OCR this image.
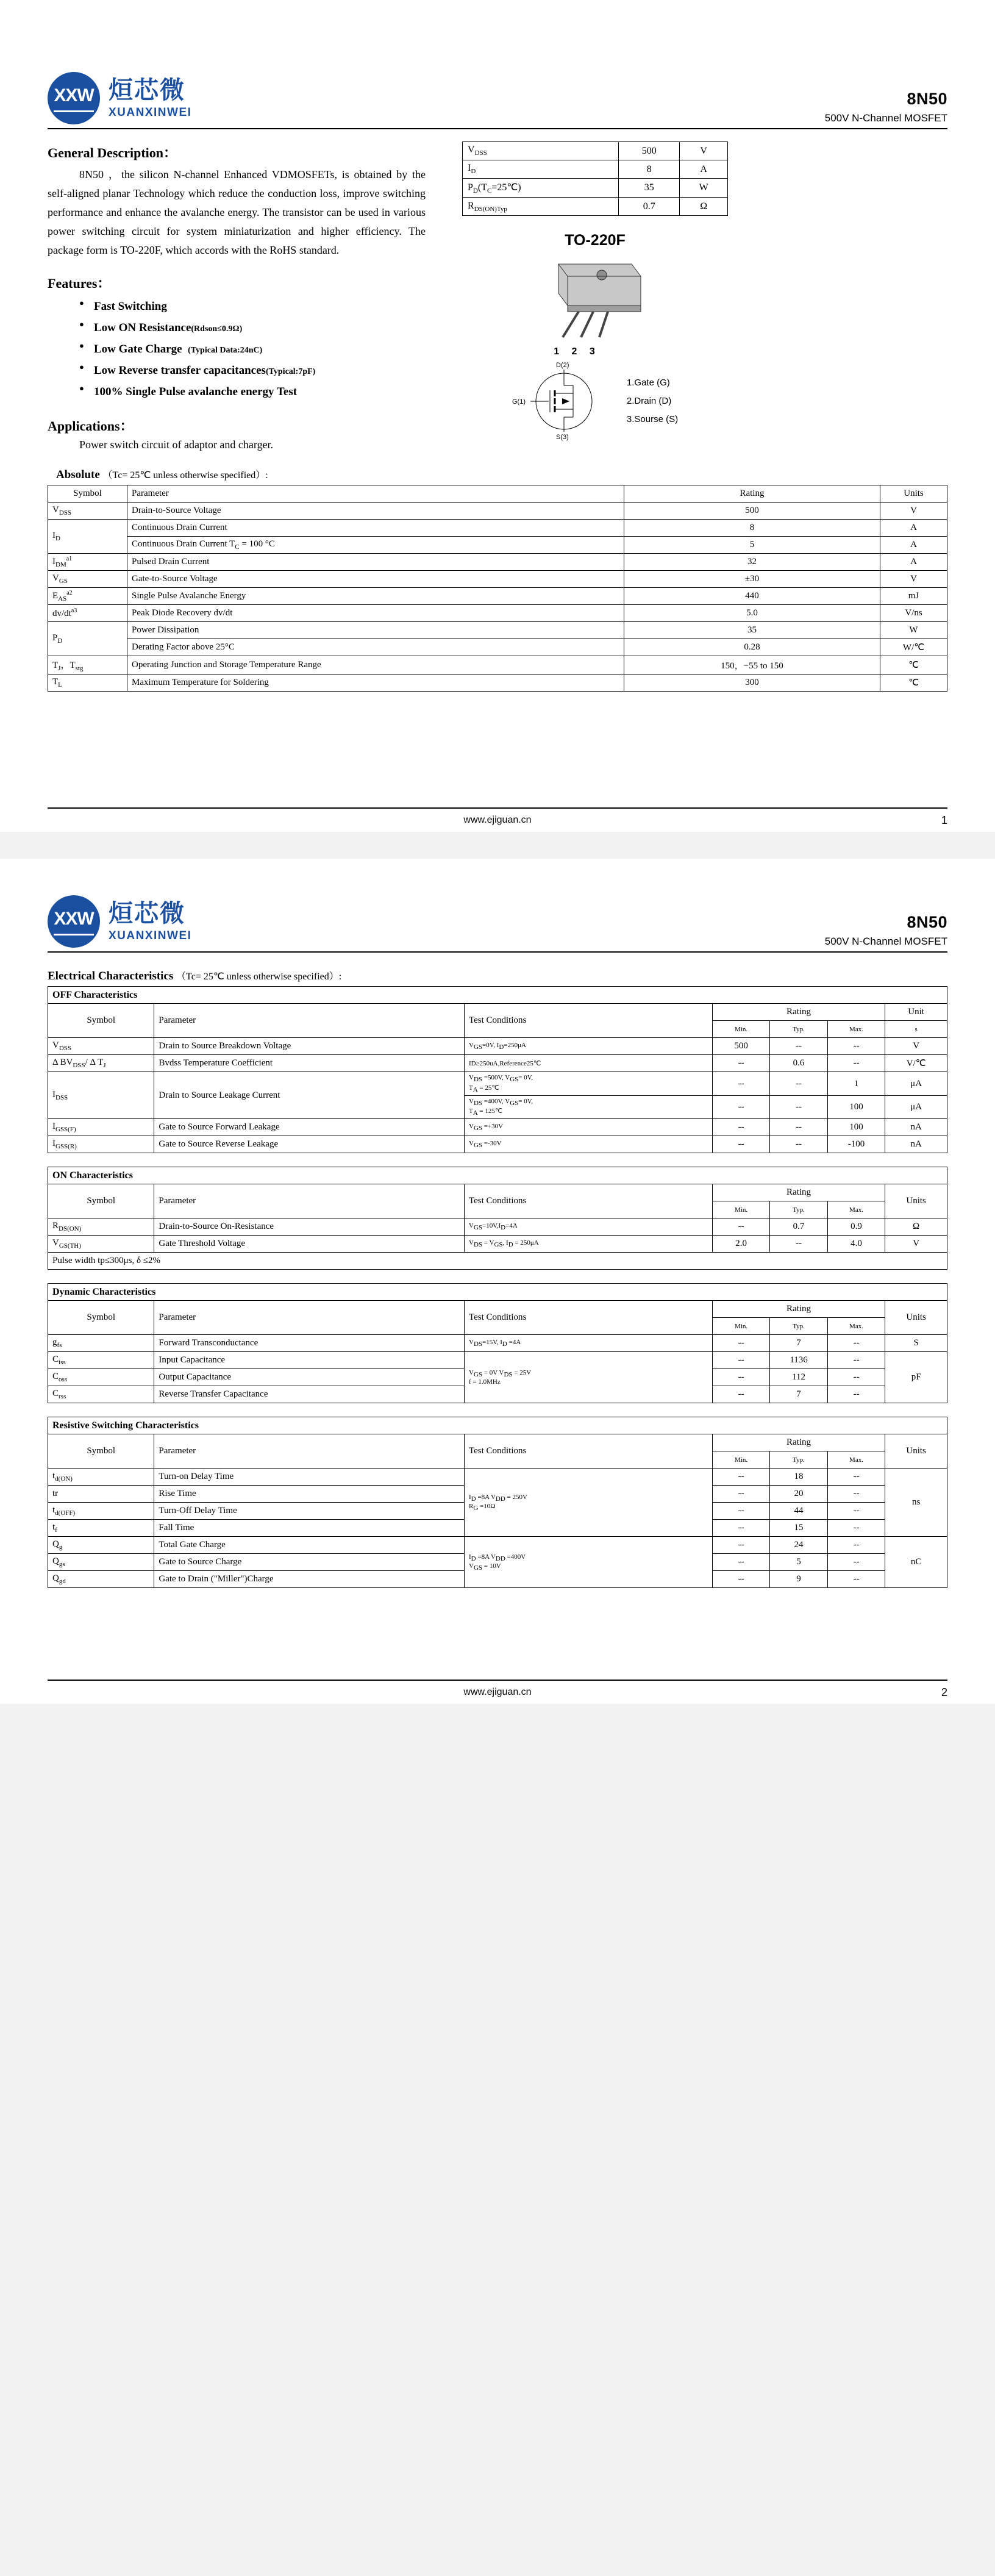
XXW 烜芯微
XUANXINWEI
8N50
500V N-Channel MOSFET
General Description：
8N50 ，the silicon N-channel Enhanced VDMOSFETs, is obtained by the self-aligned planar Technology which reduce the conduction loss, improve switching performance and enhance the avalanche energy. The transistor can be used in various power switching circuit for system miniaturization and higher efficiency. The package form is TO-220F, which accords with the RoHS standard.
Features：
● Fast Switching
● Low ON Resistance(Rdson≤0.9Ω)
● Low Gate Charge (Typical Data:24nC)
● Low Reverse transfer capacitances(Typical:7pF)
● 100% Single Pulse avalanche energy Test
Applications：
Power switch circuit of adaptor and charger.
$V_{DSS}$	500	V
$I_D$	8	A
$P_D(T_C=25℃)$	35	W
$R_{DS(ON)Typ}$	0.7	Ω
TO-220F
1 2 3
D(2)
G(1)
S(3)
1.Gate (G)
2.Drain (D)
3.Sourse (S)
Absolute （Tc= 25℃ unless otherwise specified）:
Symbol	Parameter	Rating	Units
$V_{DSS}$	Drain-to-Source Voltage	500	V
$I_D$	Continuous Drain Current	8	A
	Continuous Drain Current $T_C = 100$ °C	5	A
$I_{DM}^{a1}$	Pulsed Drain Current	32	A
$V_{GS}$	Gate-to-Source Voltage	±30	V
$E_{AS}^{a2}$	Single Pulse Avalanche Energy	440	mJ
$dv/dt^{a3}$	Peak Diode Recovery dv/dt	5.0	V/ns
$P_D$	Power Dissipation	35	W
	Derating Factor above 25°C	0.28	W/℃
$T_J$，$T_{stg}$	Operating Junction and Storage Temperature Range	150，−55 to 150	℃
$T_L$	Maximum Temperature for Soldering	300	℃
www.ejiguan.cn	1
XXW 烜芯微
XUANXINWEI
8N50
500V N-Channel MOSFET
Electrical Characteristics （Tc= 25℃ unless otherwise specified）:
OFF Characteristics						
Symbol	Parameter	Test Conditions	Rating			Unit
			Min.	Typ.	Max.	s
$V_{DSS}$	Drain to Source Breakdown Voltage	VGS=0V, ID=250μA	500	--	--	V
Δ $BV_{DSS}/$ Δ $T_J$	Bvdss Temperature Coefficient	ID≥250uA,Reference25℃	--	0.6	--	V/℃
$I_{DSS}$	Drain to Source Leakage Current	VDS =500V, VGS= 0V,
TA = 25℃	--	--	1	μA
		VDS =400V, VGS= 0V,
TA = 125℃	--	--	100	μA
$I_{GSS(F)}$	Gate to Source Forward Leakage	VGS =+30V	--	--	100	nA
$I_{GSS(R)}$	Gate to Source Reverse Leakage	VGS =-30V	--	--	-100	nA
ON Characteristics						
Symbol	Parameter	Test Conditions	Rating			Units
			Min.	Typ.	Max.	
$R_{DS(ON)}$	Drain-to-Source On-Resistance	VGS=10V,ID=4A	--	0.7	0.9	Ω
$V_{GS(TH)}$	Gate Threshold Voltage	VDS = VGS, ID = 250μA	2.0	--	4.0	V
Pulse width tp≤300μs, δ ≤2%						
Dynamic Characteristics						
Symbol	Parameter	Test Conditions	Rating			Units
			Min.	Typ.	Max.	
$g_{fs}$	Forward Transconductance	VDS=15V, ID =4A	--	7	--	S
$C_{iss}$	Input Capacitance	VGS = 0V VDS = 25V
f = 1.0MHz	--	1136	--	pF
$C_{oss}$	Output Capacitance		--	112	--	
$C_{rss}$	Reverse Transfer Capacitance		--	7	--	
Resistive Switching Characteristics						
Symbol	Parameter	Test Conditions	Rating			Units
			Min.	Typ.	Max.	
$t_{d(ON)}$	Turn-on Delay Time	ID =8A VDD = 250V
RG =10Ω	--	18	--	ns
tr	Rise Time		--	20	--	
$t_{d(OFF)}$	Turn-Off Delay Time		--	44	--	
$t_f$	Fall Time		--	15	--	
$Q_g$	Total Gate Charge	ID =8A VDD =400V
VGS = 10V	--	24	--	nC
$Q_{gs}$	Gate to Source Charge		--	5	--	
$Q_{gd}$	Gate to Drain ("Miller")Charge		--	9	--	
www.ejiguan.cn	2
